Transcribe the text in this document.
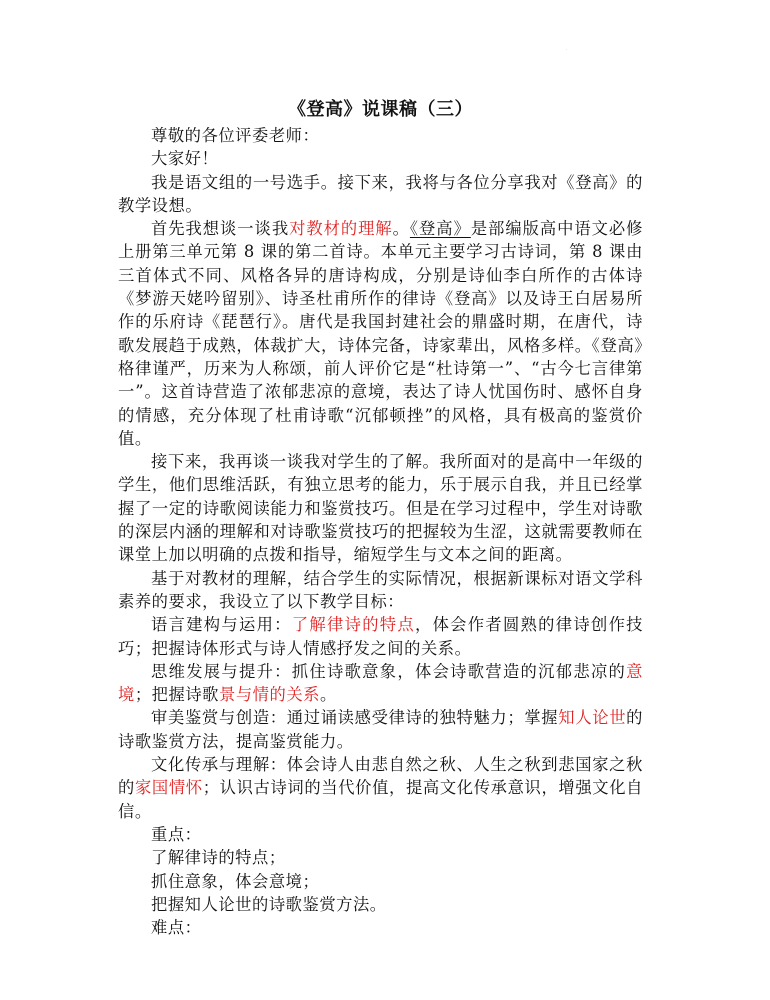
·
《登高》说课稿（三）

尊敬的各位评委老师：

大家好！

我是语文组的一号选手。接下来，我将与各位分享我对《登高》的教学设想。

首先我想谈一谈我对教材的理解。《登高》是部编版高中语文必修上册第三单元第 8 课的第二首诗。本单元主要学习古诗词，第 8 课由三首体式不同、风格各异的唐诗构成，分别是诗仙李白所作的古体诗《梦游天姥吟留别》、诗圣杜甫所作的律诗《登高》以及诗王白居易所作的乐府诗《琵琶行》。唐代是我国封建社会的鼎盛时期，在唐代，诗歌发展趋于成熟，体裁扩大，诗体完备，诗家辈出，风格多样。《登高》格律谨严，历来为人称颂，前人评价它是“杜诗第一”、“古今七言律第一”。这首诗营造了浓郁悲凉的意境，表达了诗人忧国伤时、感怀自身的情感，充分体现了杜甫诗歌“沉郁顿挫”的风格，具有极高的鉴赏价值。

接下来，我再谈一谈我对学生的了解。我所面对的是高中一年级的学生，他们思维活跃，有独立思考的能力，乐于展示自我，并且已经掌握了一定的诗歌阅读能力和鉴赏技巧。但是在学习过程中，学生对诗歌的深层内涵的理解和对诗歌鉴赏技巧的把握较为生涩，这就需要教师在课堂上加以明确的点拨和指导，缩短学生与文本之间的距离。

基于对教材的理解，结合学生的实际情况，根据新课标对语文学科素养的要求，我设立了以下教学目标：

语言建构与运用：了解律诗的特点，体会作者圆熟的律诗创作技巧；把握诗体形式与诗人情感抒发之间的关系。

思维发展与提升：抓住诗歌意象，体会诗歌营造的沉郁悲凉的意境；把握诗歌景与情的关系。

审美鉴赏与创造：通过诵读感受律诗的独特魅力；掌握知人论世的诗歌鉴赏方法，提高鉴赏能力。

文化传承与理解：体会诗人由悲自然之秋、人生之秋到悲国家之秋的家国情怀；认识古诗词的当代价值，提高文化传承意识，增强文化自信。

重点：

了解律诗的特点；

抓住意象，体会意境；

把握知人论世的诗歌鉴赏方法。

难点：
